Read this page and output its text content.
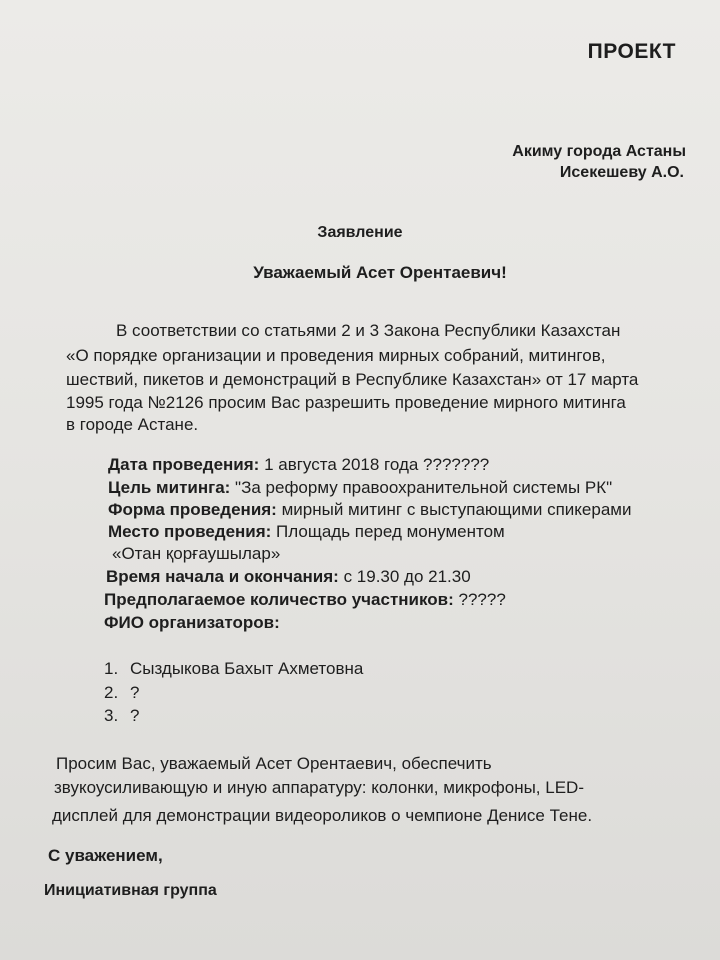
ПРОЕКТ
Акиму города Астаны
Исекешеву А.О.
Заявление
Уважаемый Асет Орентаевич!
В соответствии со статьями 2 и 3 Закона Республики Казахстан
«О порядке организации и проведения мирных собраний, митингов,
шествий, пикетов и демонстраций в Республике Казахстан» от 17 марта
1995 года №2126 просим Вас разрешить проведение мирного митинга
в городе Астане.
Дата проведения: 1 августа 2018 года ???????
Цель митинга: "За реформу правоохранительной системы РК"
Форма проведения: мирный митинг с выступающими спикерами
Место проведения: Площадь перед монументом
«Отан қорғаушылар»
Время начала и окончания: с 19.30 до 21.30
Предполагаемое количество участников: ?????
ФИО организаторов:
1. Сыздыкова Бахыт Ахметовна
2. ?
3. ?
Просим Вас, уважаемый Асет Орентаевич, обеспечить
звукоусиливающую и иную аппаратуру: колонки, микрофоны, LED-
дисплей для демонстрации видеороликов о чемпионе Денисе Тене.
С уважением,
Инициативная группа
